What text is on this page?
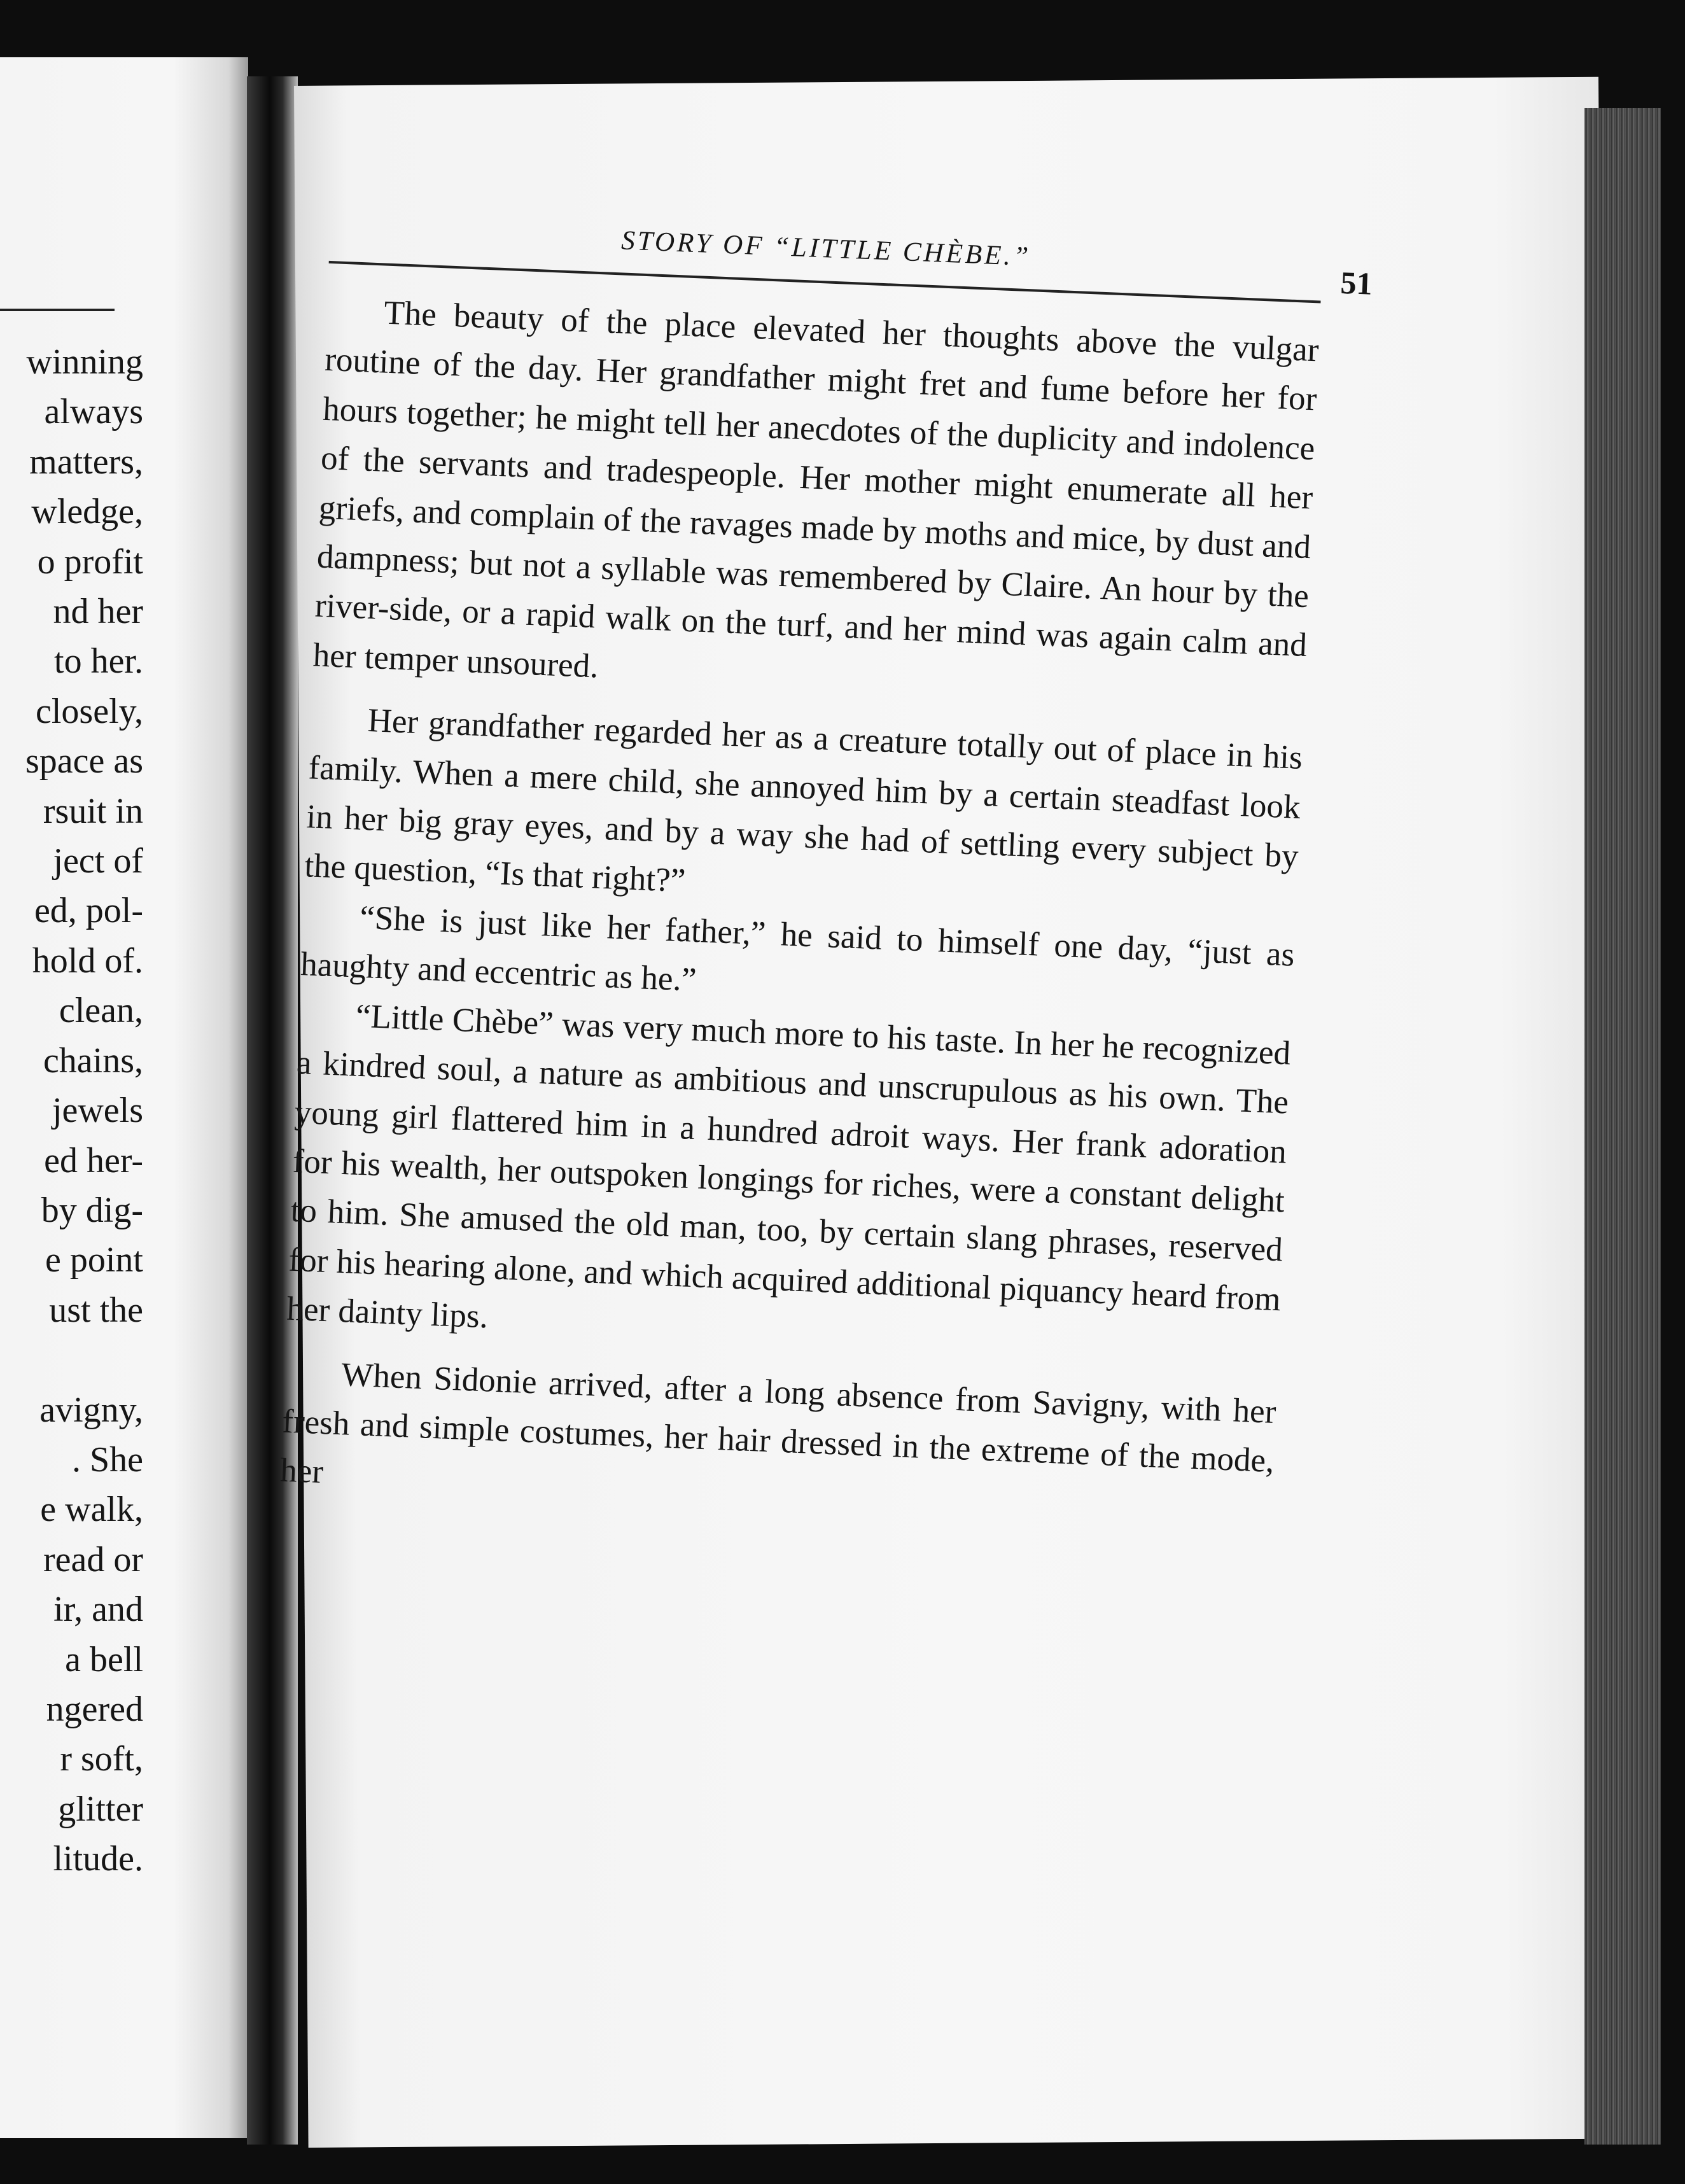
winning
always
matters,
wledge,
o profit
nd her
to her.
closely,
space as
rsuit in
ject of
ed, pol-
hold of.
clean,
chains,
jewels
ed her-
by dig-
e point
ust the
avigny,
. She
e walk,
read or
ir, and
a bell
ngered
r soft,
glitter
litude.
STORY OF “LITTLE CHÈBE.”
51

The beauty of the place elevated her thoughts above the vulgar routine of the day. Her grandfather might fret and fume before her for hours together; he might tell her anecdotes of the duplicity and indolence of the servants and tradespeople. Her mother might enumerate all her griefs, and complain of the ravages made by moths and mice, by dust and dampness; but not a syllable was remembered by Claire. An hour by the river-side, or a rapid walk on the turf, and her mind was again calm and her temper unsoured.

Her grandfather regarded her as a creature totally out of place in his family. When a mere child, she annoyed him by a certain steadfast look in her big gray eyes, and by a way she had of settling every subject by the question, “Is that right?”

“She is just like her father,” he said to himself one day, “just as haughty and eccentric as he.”

“Little Chèbe” was very much more to his taste. In her he recognized a kindred soul, a nature as ambitious and unscrupulous as his own. The young girl flattered him in a hundred adroit ways. Her frank adoration for his wealth, her outspoken longings for riches, were a constant delight to him. She amused the old man, too, by certain slang phrases, reserved for his hearing alone, and which acquired additional piquancy heard from her dainty lips.

When Sidonie arrived, after a long absence from Savigny, with her fresh and simple costumes, her hair dressed in the extreme of the mode, her
